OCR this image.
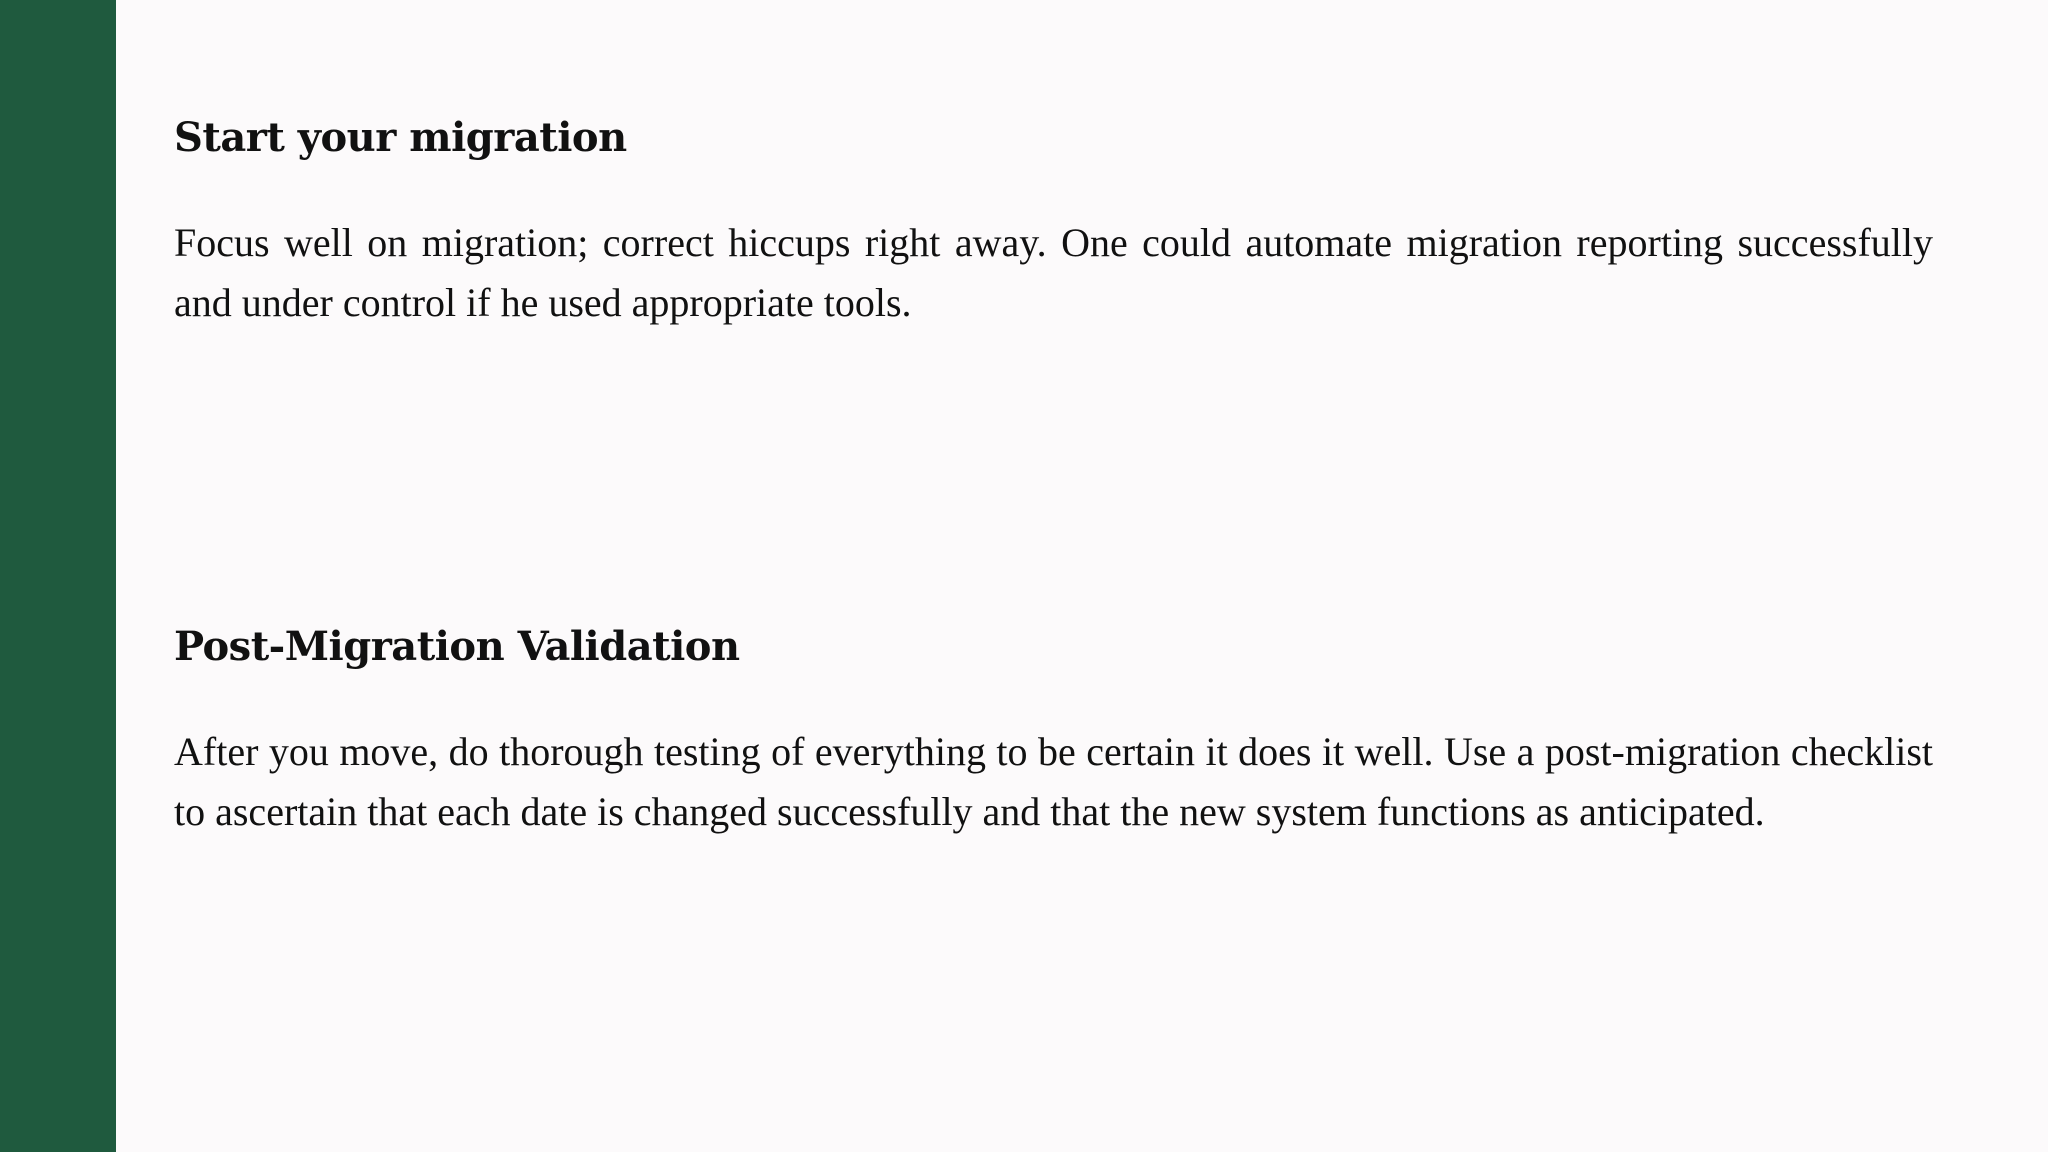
Start your migration

Focus well on migration; correct hiccups right away. One could automate migration reporting successfully and under control if he used appropriate tools.

Post-Migration Validation

After you move, do thorough testing of everything to be certain it does it well. Use a post-migration checklist to ascertain that each date is changed successfully and that the new system functions as anticipated.
